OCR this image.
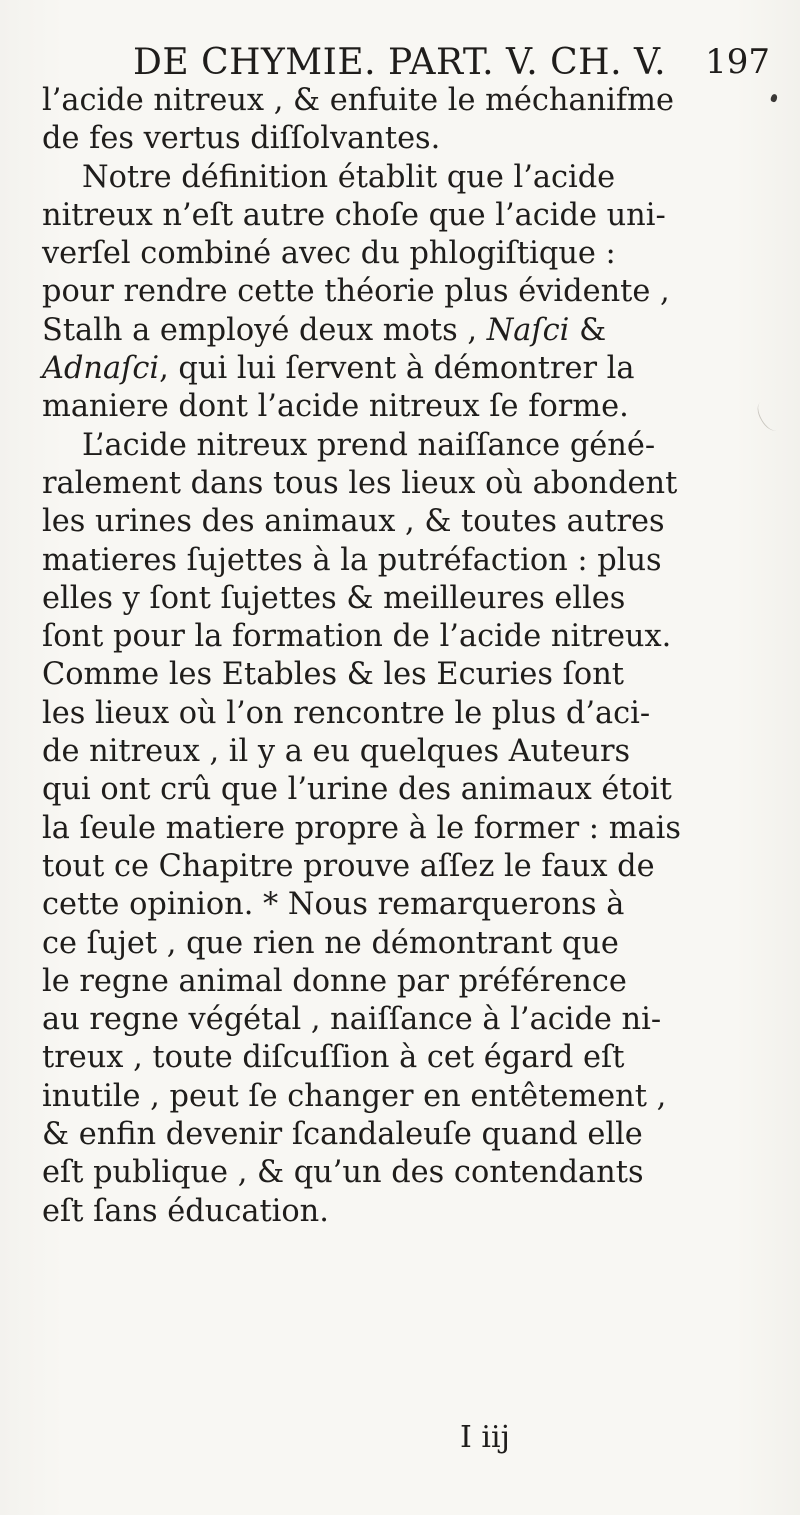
DE CHYMIE. PART. V. CH. V. 197
l’acide nitreux , & enfuite le méchanifme
de fes vertus diſſolvantes.
Notre définition établit que l’acide
nitreux n’eſt autre choſe que l’acide uni-
verſel combiné avec du phlogiſtique :
pour rendre cette théorie plus évidente ,
Stalh a employé deux mots , Naſci &
Adnaſci, qui lui ſervent à démontrer la
maniere dont l’acide nitreux ſe forme.
L’acide nitreux prend naiſſance géné-
ralement dans tous les lieux où abondent
les urines des animaux , & toutes autres
matieres ſujettes à la putréfaction : plus
elles y ſont ſujettes & meilleures elles
ſont pour la formation de l’acide nitreux.
Comme les Etables & les Ecuries ſont
les lieux où l’on rencontre le plus d’aci-
de nitreux , il y a eu quelques Auteurs
qui ont crû que l’urine des animaux étoit
la ſeule matiere propre à le former : mais
tout ce Chapitre prouve aſſez le faux de
cette opinion. * Nous remarquerons à
ce ſujet , que rien ne démontrant que
le regne animal donne par préférence
au regne végétal , naiſſance à l’acide ni-
treux , toute diſcuſſion à cet égard eſt
inutile , peut ſe changer en entêtement ,
& enfin devenir ſcandaleuſe quand elle
eſt publique , & qu’un des contendants
eſt ſans éducation.
I iij
